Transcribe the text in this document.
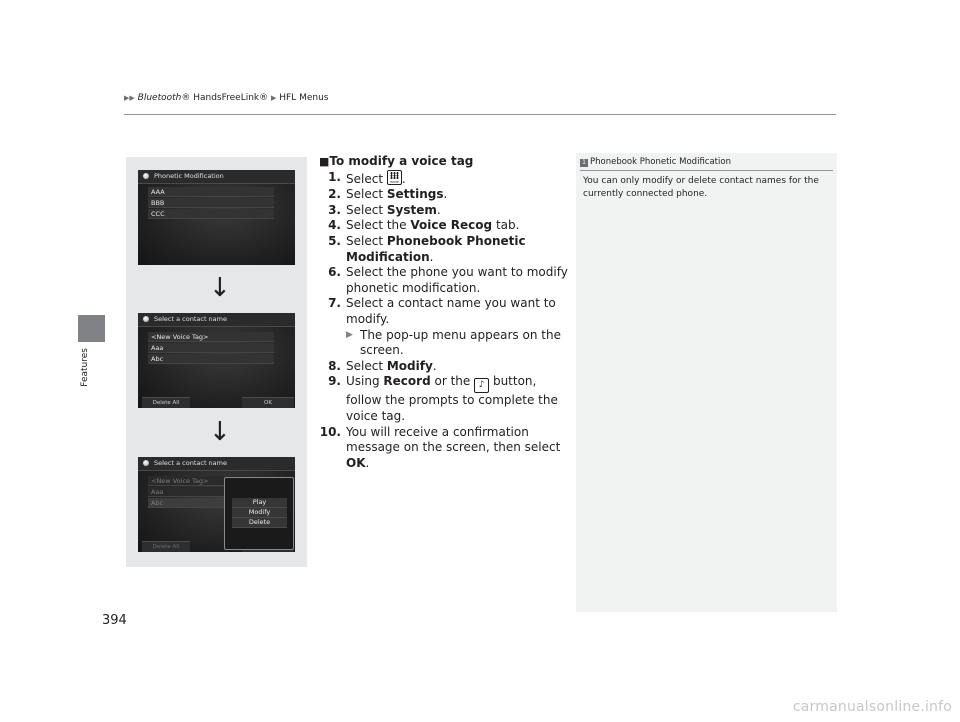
▶▶ Bluetooth® HandsFreeLink® ▶ HFL Menus
Features
394
Phonetic Modification
AAA
BBB
CCC
↓
Select a contact name
<New Voice Tag>
Aaa
Abc
Delete All	OK
↓
Select a contact name
<New Voice Tag>
Aaa
Abc
Delete All
Play
Modify
Delete
■To modify a voice tag
1. Select	HOME .
2. Select Settings.
3. Select System.
4. Select the Voice Recog tab.
5. Select Phonebook Phonetic Modification.
6. Select the phone you want to modify phonetic modification.
7. Select a contact name you want to modify.
▶ The pop-up menu appears on the screen.
8. Select Modify.
9. Using Record or the ♪ button, follow the prompts to complete the voice tag.
10. You will receive a confirmation message on the screen, then select OK.
1 Phonebook Phonetic Modification
You can only modify or delete contact names for the currently connected phone.
carmanualsonline.info
